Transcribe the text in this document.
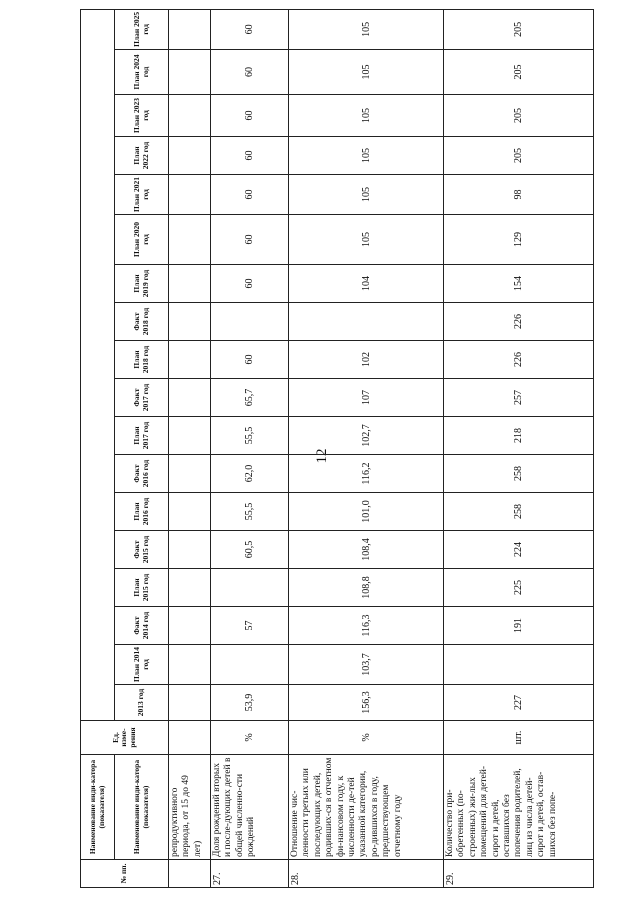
12
№ пп.	Наименование инди-катора (показателя)	Ед. изме-рения																		
	Наименование инди-катора (показателя)		2013 год	План 2014 год	Факт 2014 год	План 2015 год	Факт 2015 год	План 2016 год	Факт 2016 год	План 2017 год	Факт 2017 год	План 2018 год	Факт 2018 год	План 2019 год	План 2020 год	План 2021 год	План 2022 год	План 2023 год	План 2024 год	План 2025 год
	репродуктивного периода, от 15 до 49 лет)																			
27.	Доля рождений вторых и после-дующих детей в общей численно-сти рождений	%	53,9		57		60,5	55,5	62,0	55,5	65,7	60		60	60	60	60	60	60	60
28.	Отношение чис-ленности третьих или последующих детей, родивших-ся в отчетном фи-нансовом году, к численности де-тей указанной категории, ро-дившихся в году, предшествующем отчетному году	%	156,3	103,7	116,3	108,8	108,4	101,0	116,2	102,7	107	102		104	105	105	105	105	105	105
29.	Количество при-обретенных (по-строенных) жи-лых помещений для детей-сирот и детей, оставшихся без попечения родителей, лиц из числа детей-сирот и детей, остав-шихся без попе-	шт.	227		191	225	224	258	258	218	257	226	226	154	129	98	205	205	205	205
